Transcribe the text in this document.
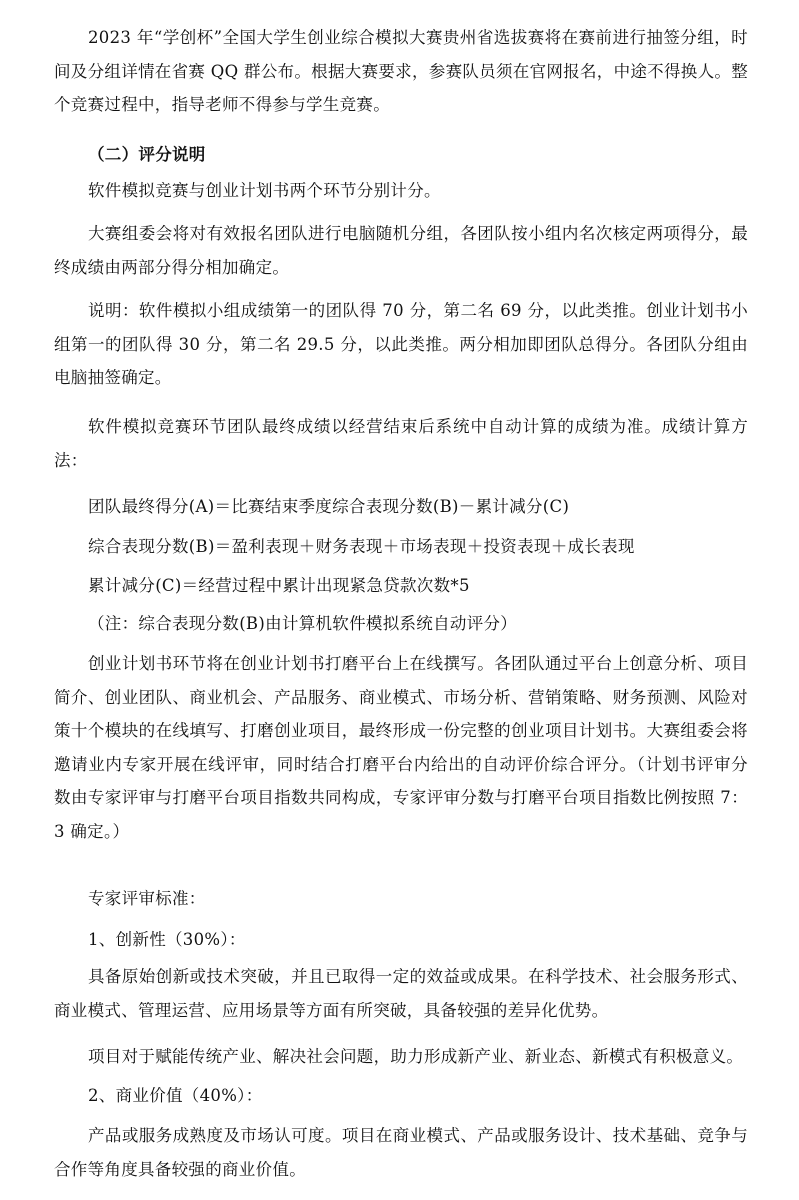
2023 年“学创杯”全国大学生创业综合模拟大赛贵州省选拔赛将在赛前进行抽签分组，时间及分组详情在省赛 QQ 群公布。根据大赛要求，参赛队员须在官网报名，中途不得换人。整个竞赛过程中，指导老师不得参与学生竞赛。

（二）评分说明

软件模拟竞赛与创业计划书两个环节分别计分。

大赛组委会将对有效报名团队进行电脑随机分组，各团队按小组内名次核定两项得分，最终成绩由两部分得分相加确定。

说明：软件模拟小组成绩第一的团队得 70 分，第二名 69 分，以此类推。创业计划书小组第一的团队得 30 分，第二名 29.5 分，以此类推。两分相加即团队总得分。各团队分组由电脑抽签确定。

软件模拟竞赛环节团队最终成绩以经营结束后系统中自动计算的成绩为准。成绩计算方法：

团队最终得分(A)＝比赛结束季度综合表现分数(B)－累计减分(C)

综合表现分数(B)＝盈利表现＋财务表现＋市场表现＋投资表现＋成长表现

累计减分(C)＝经营过程中累计出现紧急贷款次数*5

（注：综合表现分数(B)由计算机软件模拟系统自动评分）

创业计划书环节将在创业计划书打磨平台上在线撰写。各团队通过平台上创意分析、项目简介、创业团队、商业机会、产品服务、商业模式、市场分析、营销策略、财务预测、风险对策十个模块的在线填写、打磨创业项目，最终形成一份完整的创业项目计划书。大赛组委会将邀请业内专家开展在线评审，同时结合打磨平台内给出的自动评价综合评分。（计划书评审分数由专家评审与打磨平台项目指数共同构成，专家评审分数与打磨平台项目指数比例按照 7：3 确定。）

专家评审标准：

1、创新性（30%）：

具备原始创新或技术突破，并且已取得一定的效益或成果。在科学技术、社会服务形式、商业模式、管理运营、应用场景等方面有所突破，具备较强的差异化优势。

项目对于赋能传统产业、解决社会问题，助力形成新产业、新业态、新模式有积极意义。

2、商业价值（40%）：

产品或服务成熟度及市场认可度。项目在商业模式、产品或服务设计、技术基础、竞争与合作等角度具备较强的商业价值。
